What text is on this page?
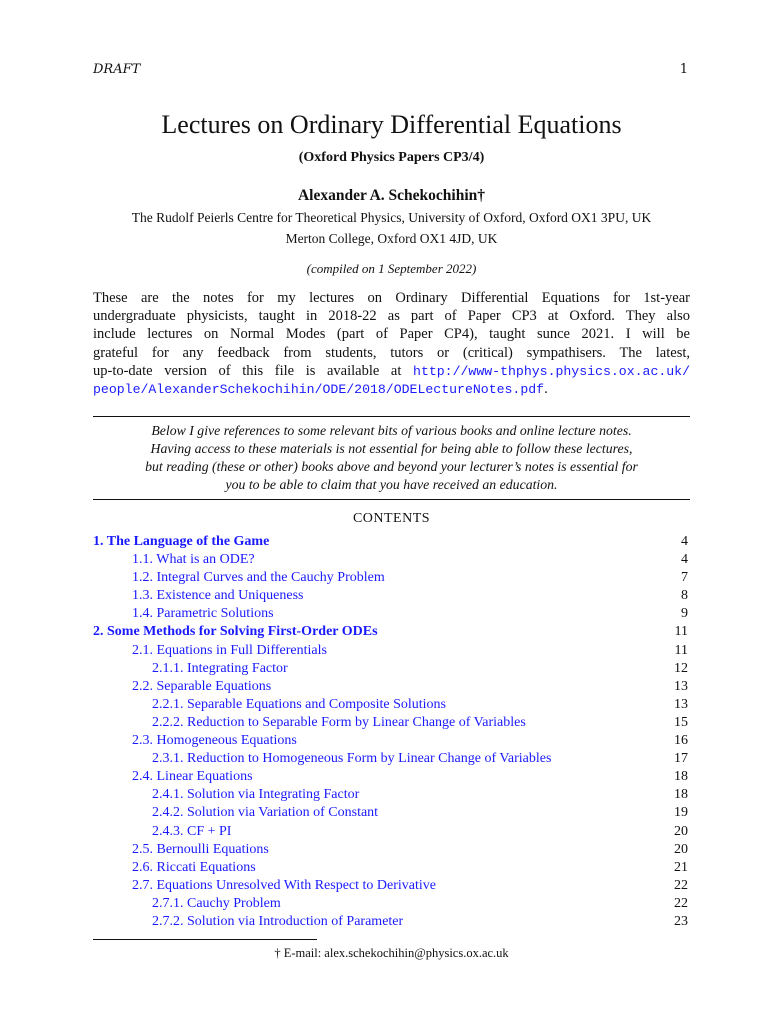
DRAFT	1
Lectures on Ordinary Differential Equations
(Oxford Physics Papers CP3/4)
Alexander A. Schekochihin†
The Rudolf Peierls Centre for Theoretical Physics, University of Oxford, Oxford OX1 3PU, UK
Merton College, Oxford OX1 4JD, UK
(compiled on 1 September 2022)
These are the notes for my lectures on Ordinary Differential Equations for 1st-year
undergraduate physicists, taught in 2018-22 as part of Paper CP3 at Oxford. They also
include lectures on Normal Modes (part of Paper CP4), taught sunce 2021. I will be
grateful for any feedback from students, tutors or (critical) sympathisers. The latest,
up-to-date version of this file is available at http://www-thphys.physics.ox.ac.uk/
people/AlexanderSchekochihin/ODE/2018/ODELectureNotes.pdf.
Below I give references to some relevant bits of various books and online lecture notes.
Having access to these materials is not essential for being able to follow these lectures,
but reading (these or other) books above and beyond your lecturer’s notes is essential for
you to be able to claim that you have received an education.
CONTENTS
1. The Language of the Game	4
1.1. What is an ODE?	4
1.2. Integral Curves and the Cauchy Problem	7
1.3. Existence and Uniqueness	8
1.4. Parametric Solutions	9
2. Some Methods for Solving First-Order ODEs	11
2.1. Equations in Full Differentials	11
2.1.1. Integrating Factor	12
2.2. Separable Equations	13
2.2.1. Separable Equations and Composite Solutions	13
2.2.2. Reduction to Separable Form by Linear Change of Variables	15
2.3. Homogeneous Equations	16
2.3.1. Reduction to Homogeneous Form by Linear Change of Variables	17
2.4. Linear Equations	18
2.4.1. Solution via Integrating Factor	18
2.4.2. Solution via Variation of Constant	19
2.4.3. CF + PI	20
2.5. Bernoulli Equations	20
2.6. Riccati Equations	21
2.7. Equations Unresolved With Respect to Derivative	22
2.7.1. Cauchy Problem	22
2.7.2. Solution via Introduction of Parameter	23
† E-mail: alex.schekochihin@physics.ox.ac.uk
